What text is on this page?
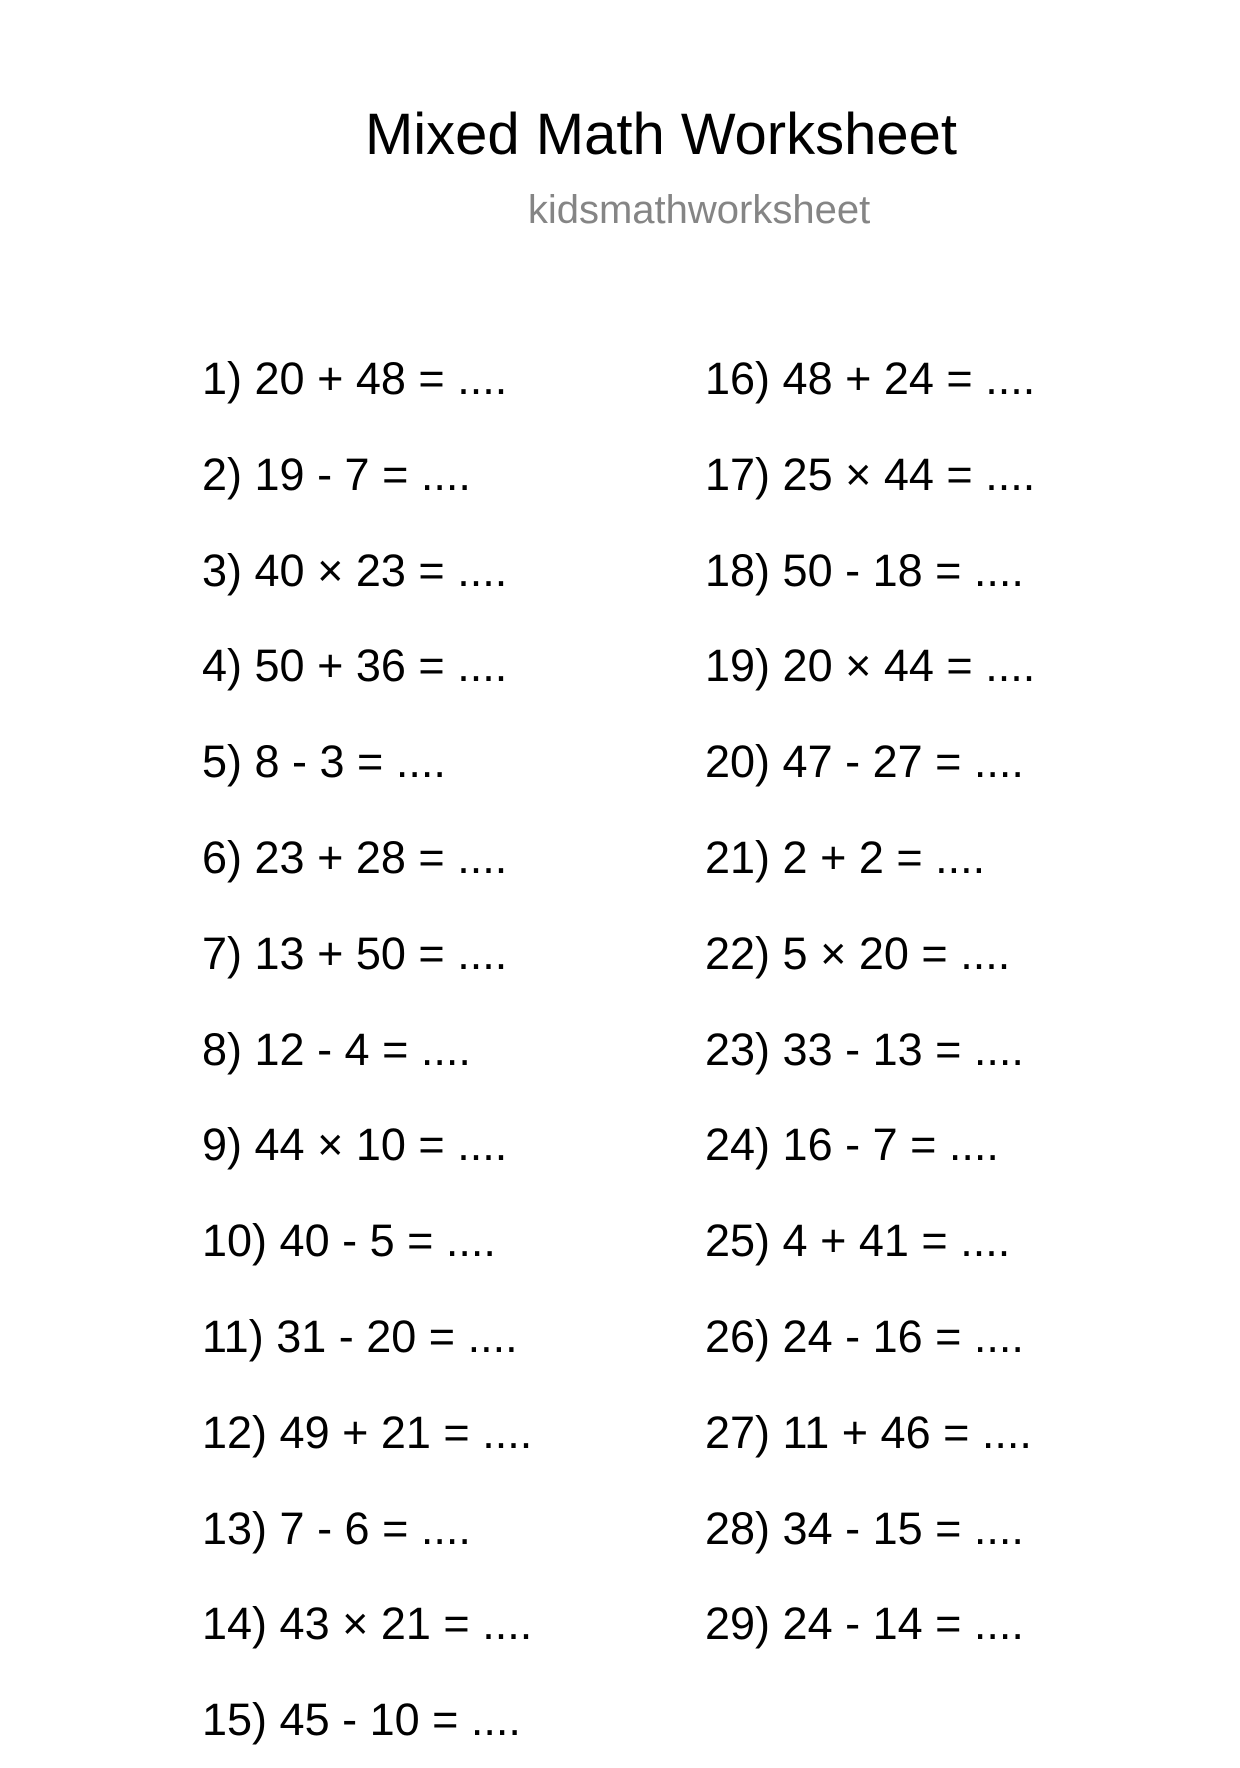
Mixed Math Worksheet
kidsmathworksheet
1) 20 + 48 = ....
2) 19 - 7 = ....
3) 40 × 23 = ....
4) 50 + 36 = ....
5) 8 - 3 = ....
6) 23 + 28 = ....
7) 13 + 50 = ....
8) 12 - 4 = ....
9) 44 × 10 = ....
10) 40 - 5 = ....
11) 31 - 20 = ....
12) 49 + 21 = ....
13) 7 - 6 = ....
14) 43 × 21 = ....
15) 45 - 10 = ....
16) 48 + 24 = ....
17) 25 × 44 = ....
18) 50 - 18 = ....
19) 20 × 44 = ....
20) 47 - 27 = ....
21) 2 + 2 = ....
22) 5 × 20 = ....
23) 33 - 13 = ....
24) 16 - 7 = ....
25) 4 + 41 = ....
26) 24 - 16 = ....
27) 11 + 46 = ....
28) 34 - 15 = ....
29) 24 - 14 = ....
